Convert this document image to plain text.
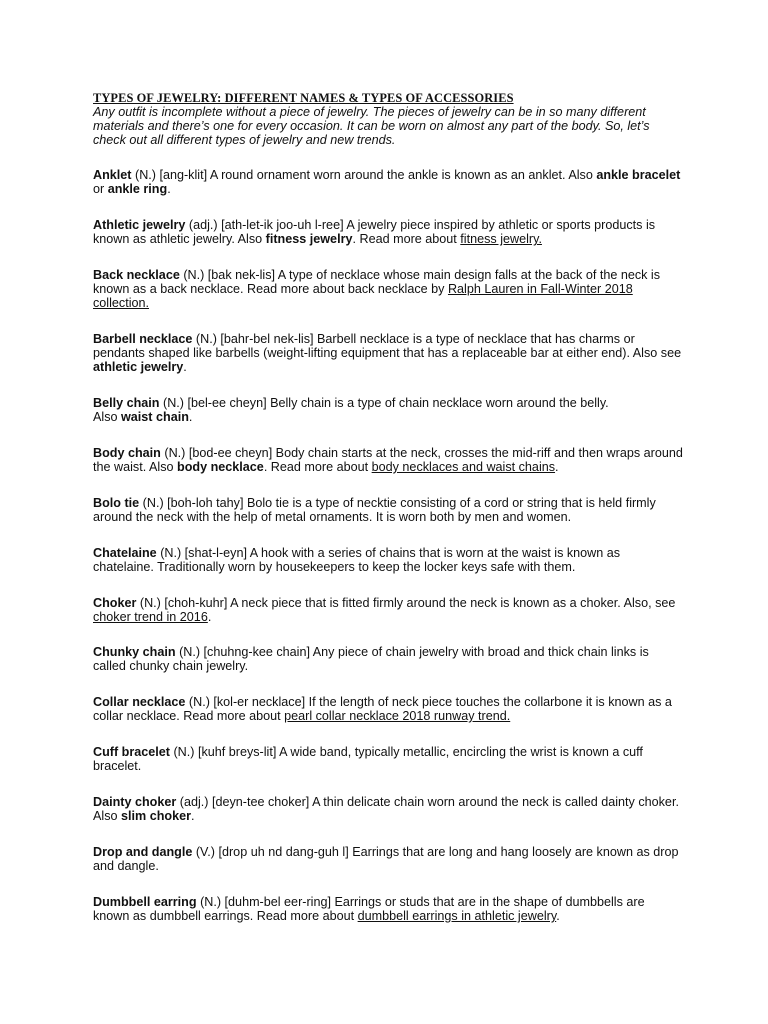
TYPES OF JEWELRY: DIFFERENT NAMES & TYPES OF ACCESSORIES

Any outfit is incomplete without a piece of jewelry. The pieces of jewelry can be in so many different materials and there’s one for every occasion. It can be worn on almost any part of the body. So, let’s check out all different types of jewelry and new trends.

Anklet (N.) [ang-klit] A round ornament worn around the ankle is known as an anklet. Also ankle bracelet or ankle ring.

Athletic jewelry (adj.) [ath-let-ik joo-uh l-ree] A jewelry piece inspired by athletic or sports products is known as athletic jewelry. Also fitness jewelry. Read more about fitness jewelry.

Back necklace (N.) [bak nek-lis] A type of necklace whose main design falls at the back of the neck is known as a back necklace. Read more about back necklace by Ralph Lauren in Fall-Winter 2018 collection.

Barbell necklace (N.) [bahr-bel nek-lis] Barbell necklace is a type of necklace that has charms or pendants shaped like barbells (weight-lifting equipment that has a replaceable bar at either end). Also see athletic jewelry.

Belly chain (N.) [bel-ee cheyn] Belly chain is a type of chain necklace worn around the belly.
Also waist chain.

Body chain (N.) [bod-ee cheyn] Body chain starts at the neck, crosses the mid-riff and then wraps around the waist. Also body necklace. Read more about body necklaces and waist chains.

Bolo tie (N.) [boh-loh tahy] Bolo tie is a type of necktie consisting of a cord or string that is held firmly around the neck with the help of metal ornaments. It is worn both by men and women.

Chatelaine (N.) [shat-l-eyn] A hook with a series of chains that is worn at the waist is known as chatelaine. Traditionally worn by housekeepers to keep the locker keys safe with them.

Choker (N.) [choh-kuhr] A neck piece that is fitted firmly around the neck is known as a choker. Also, see choker trend in 2016.

Chunky chain (N.) [chuhng-kee chain] Any piece of chain jewelry with broad and thick chain links is called chunky chain jewelry.

Collar necklace (N.) [kol-er necklace] If the length of neck piece touches the collarbone it is known as a collar necklace. Read more about pearl collar necklace 2018 runway trend.

Cuff bracelet (N.) [kuhf breys-lit] A wide band, typically metallic, encircling the wrist is known a cuff bracelet.

Dainty choker (adj.) [deyn-tee choker] A thin delicate chain worn around the neck is called dainty choker. Also slim choker.

Drop and dangle (V.) [drop uh nd dang-guh l] Earrings that are long and hang loosely are known as drop and dangle.

Dumbbell earring (N.) [duhm-bel eer-ring] Earrings or studs that are in the shape of dumbbells are known as dumbbell earrings. Read more about dumbbell earrings in athletic jewelry.
